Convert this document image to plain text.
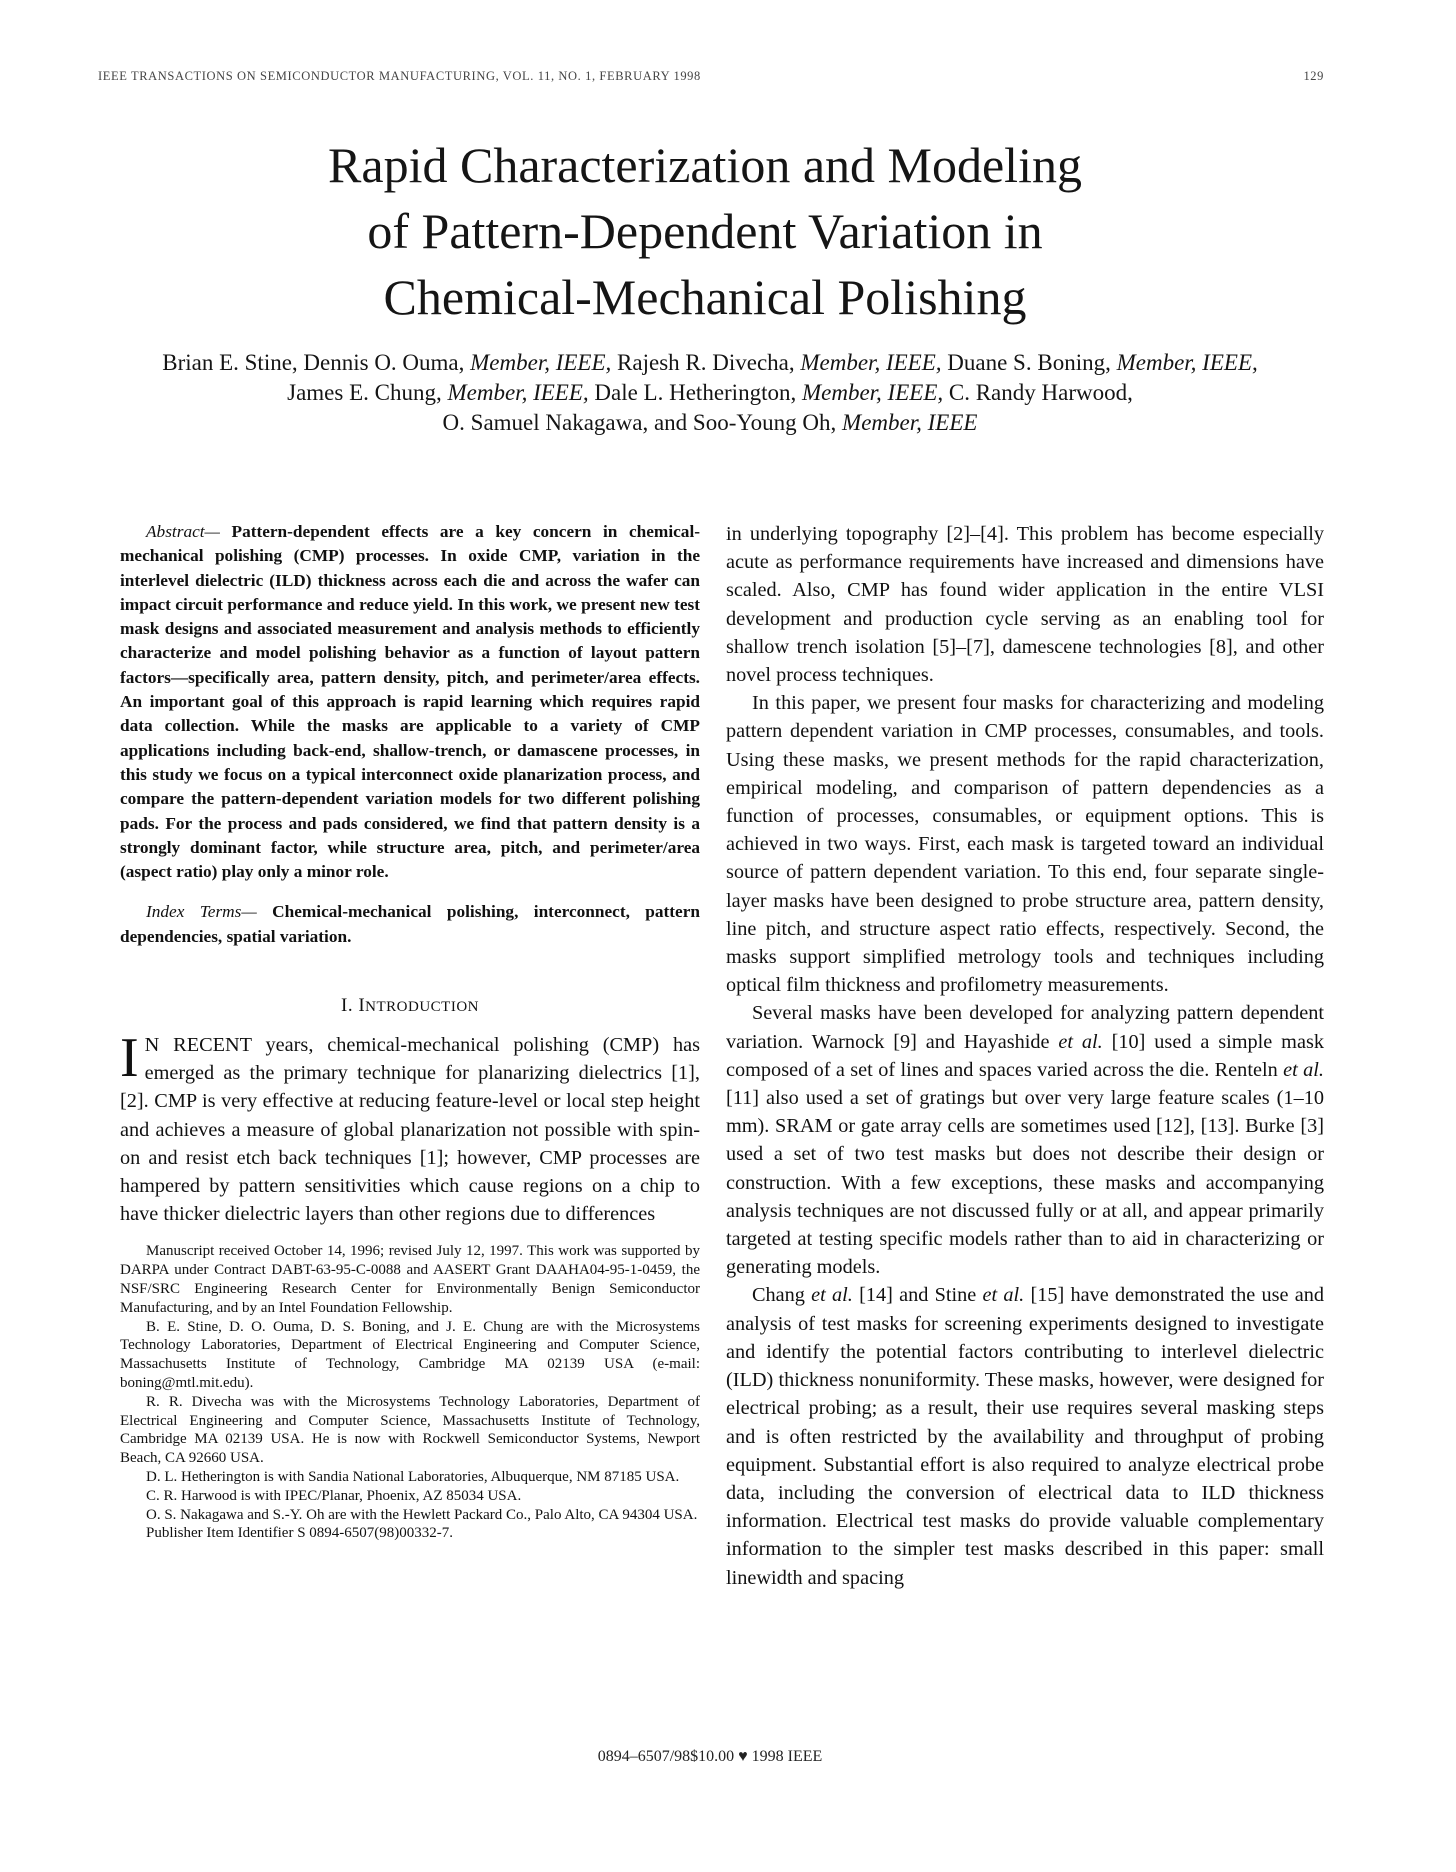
IEEE TRANSACTIONS ON SEMICONDUCTOR MANUFACTURING, VOL. 11, NO. 1, FEBRUARY 1998	129
Rapid Characterization and Modeling
of Pattern-Dependent Variation in
Chemical-Mechanical Polishing
Brian E. Stine, Dennis O. Ouma, Member, IEEE, Rajesh R. Divecha, Member, IEEE, Duane S. Boning, Member, IEEE,
James E. Chung, Member, IEEE, Dale L. Hetherington, Member, IEEE, C. Randy Harwood,
O. Samuel Nakagawa, and Soo-Young Oh, Member, IEEE

Abstract— Pattern-dependent effects are a key concern in chemical-mechanical polishing (CMP) processes. In oxide CMP, variation in the interlevel dielectric (ILD) thickness across each die and across the wafer can impact circuit performance and reduce yield. In this work, we present new test mask designs and associated measurement and analysis methods to efficiently characterize and model polishing behavior as a function of layout pattern factors—specifically area, pattern density, pitch, and perimeter/area effects. An important goal of this approach is rapid learning which requires rapid data collection. While the masks are applicable to a variety of CMP applications including back-end, shallow-trench, or damascene processes, in this study we focus on a typical interconnect oxide planarization process, and compare the pattern-dependent variation models for two different polishing pads. For the process and pads considered, we find that pattern density is a strongly dominant factor, while structure area, pitch, and perimeter/area (aspect ratio) play only a minor role.

Index Terms— Chemical-mechanical polishing, interconnect, pattern dependencies, spatial variation.

I. INTRODUCTION

I N RECENT years, chemical-mechanical polishing (CMP) has emerged as the primary technique for planarizing dielectrics [1], [2]. CMP is very effective at reducing feature-level or local step height and achieves a measure of global planarization not possible with spin-on and resist etch back techniques [1]; however, CMP processes are hampered by pattern sensitivities which cause regions on a chip to have thicker dielectric layers than other regions due to differences

Manuscript received October 14, 1996; revised July 12, 1997. This work was supported by DARPA under Contract DABT-63-95-C-0088 and AASERT Grant DAAHA04-95-1-0459, the NSF/SRC Engineering Research Center for Environmentally Benign Semiconductor Manufacturing, and by an Intel Foundation Fellowship.

B. E. Stine, D. O. Ouma, D. S. Boning, and J. E. Chung are with the Microsystems Technology Laboratories, Department of Electrical Engineering and Computer Science, Massachusetts Institute of Technology, Cambridge MA 02139 USA (e-mail: boning@mtl.mit.edu).

R. R. Divecha was with the Microsystems Technology Laboratories, Department of Electrical Engineering and Computer Science, Massachusetts Institute of Technology, Cambridge MA 02139 USA. He is now with Rockwell Semiconductor Systems, Newport Beach, CA 92660 USA.

D. L. Hetherington is with Sandia National Laboratories, Albuquerque, NM 87185 USA.

C. R. Harwood is with IPEC/Planar, Phoenix, AZ 85034 USA.

O. S. Nakagawa and S.-Y. Oh are with the Hewlett Packard Co., Palo Alto, CA 94304 USA.

Publisher Item Identifier S 0894-6507(98)00332-7.

in underlying topography [2]–[4]. This problem has become especially acute as performance requirements have increased and dimensions have scaled. Also, CMP has found wider application in the entire VLSI development and production cycle serving as an enabling tool for shallow trench isolation [5]–[7], damescene technologies [8], and other novel process techniques.

In this paper, we present four masks for characterizing and modeling pattern dependent variation in CMP processes, consumables, and tools. Using these masks, we present methods for the rapid characterization, empirical modeling, and comparison of pattern dependencies as a function of processes, consumables, or equipment options. This is achieved in two ways. First, each mask is targeted toward an individual source of pattern dependent variation. To this end, four separate single-layer masks have been designed to probe structure area, pattern density, line pitch, and structure aspect ratio effects, respectively. Second, the masks support simplified metrology tools and techniques including optical film thickness and profilometry measurements.

Several masks have been developed for analyzing pattern dependent variation. Warnock [9] and Hayashide et al. [10] used a simple mask composed of a set of lines and spaces varied across the die. Renteln et al. [11] also used a set of gratings but over very large feature scales (1–10 mm). SRAM or gate array cells are sometimes used [12], [13]. Burke [3] used a set of two test masks but does not describe their design or construction. With a few exceptions, these masks and accompanying analysis techniques are not discussed fully or at all, and appear primarily targeted at testing specific models rather than to aid in characterizing or generating models.

Chang et al. [14] and Stine et al. [15] have demonstrated the use and analysis of test masks for screening experiments designed to investigate and identify the potential factors contributing to interlevel dielectric (ILD) thickness nonuniformity. These masks, however, were designed for electrical probing; as a result, their use requires several masking steps and is often restricted by the availability and throughput of probing equipment. Substantial effort is also required to analyze electrical probe data, including the conversion of electrical data to ILD thickness information. Electrical test masks do provide valuable complementary information to the simpler test masks described in this paper: small linewidth and spacing

0894–6507/98$10.00 ♥ 1998 IEEE
